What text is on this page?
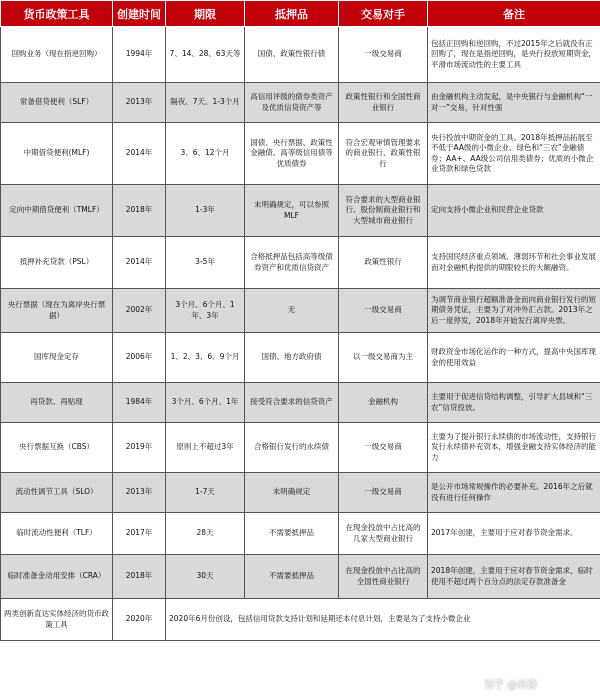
货币政策工具	创建时间	期限	抵押品	交易对手	备注
回购业务（现在指逆回购）	1994年	7、14、28、63天等	国债、政策性银行债	一级交易商	包括正回购和逆回购，不过2015年之后就没有正回购了，现在是指逆回购，是央行投放短期资金，平滑市场流动性的主要工具
常备借贷便利（SLF）	2013年	隔夜、7天、1-3个月	高信用评级的债券类资产及优质信贷资产等	政策性银行和全国性商业银行	由金融机构主动发起，是中央银行与金融机构“一对一”交易，针对性强
中期借贷便利(MLF)	2014年	3、6、12个月	国债、央行票据、政策性金融债、高等级信用债等优质债券	符合宏观审慎管理要求的商业银行、政策性银行	央行投放中期资金的工具。2018年抵押品拓展至不低于AA级的小微企业、绿色和“三农”金融债券；AA+、AA级公司信用类债券；优质的小微企业贷款和绿色贷款
定向中期借贷便利（TMLF）	2018年	1-3年	未明确规定，可以参照MLF	符合要求的大型商业银行、股份制商业银行和大型城市商业银行	定向支持小微企业和民营企业贷款
抵押补充贷款（PSL）	2014年	3-5年	合格抵押品包括高等级债券资产和优质信贷资产	政策性银行	支持国民经济重点领域、薄弱环节和社会事业发展而对金融机构提供的期限较长的大额融资。
央行票据（现在为离岸央行票据）	2002年	3个月、6个月、1年、3年	无	一级交易商	为调节商业银行超额准备金而向商业银行发行的短期债务凭证，主要为了对冲外汇占款。2013年之后一度停发，2018年开始发行离岸央票。
国库现金定存	2006年	1、2、3、6、9个月	国债、地方政府债	以一级交易商为主	财政资金市场化运作的一种方式，提高中央国库现金的使用效益
再贷款、再贴现	1984年	3个月、6个月、1年	接受符合要求的信贷资产	金融机构	主要用于促进信贷结构调整，引导扩大县域和“三农”信贷投放。
央行票据互换（CBS）	2019年	原则上不超过3年	合格银行发行的永续债	一级交易商	主要为了提升银行永续债的市场流动性，支持银行发行永续债补充资本，增强金融支持实体经济的能力
流动性调节工具（SLO）	2013年	1-7天	未明确规定	一级交易商	是公开市场常规操作的必要补充。2016年之后就没有进行任何操作
临时流动性便利（TLF）	2017年	28天	不需要抵押品	在现金投放中占比高的几家大型商业银行	2017年创建，主要用于应对春节资金需求。
临时准备金动用安排（CRA）	2018年	30天	不需要抵押品	在现金投放中占比高的全国性商业银行	2018年创建，主要用于应对春节资金需求，临时使用不超过两个百分点的法定存款准备金
两类创新直达实体经济的货币政策工具	2020年	2020年6月份创设，包括信用贷款支持计划和延期还本付息计划，主要是为了支持小微企业			
知乎 @商游
